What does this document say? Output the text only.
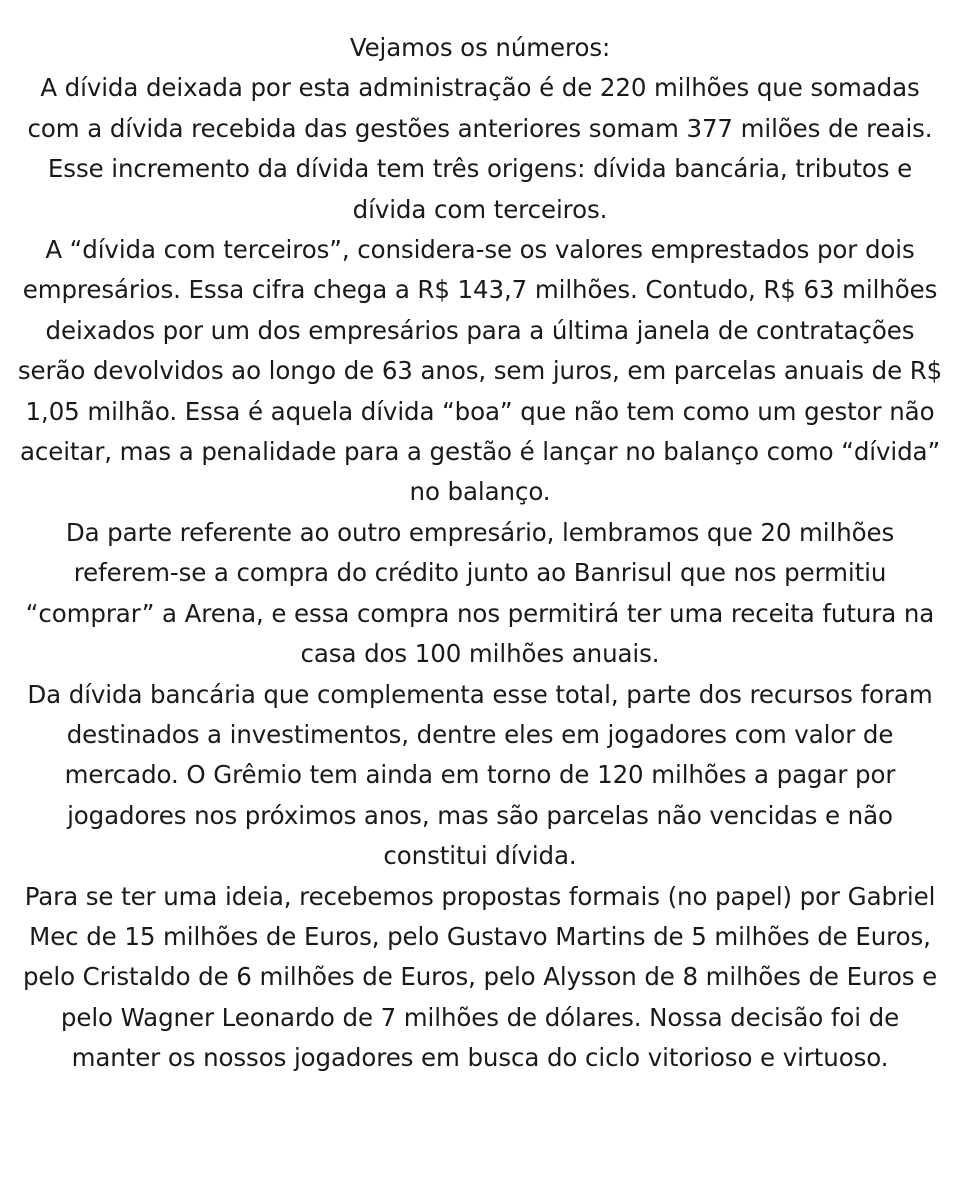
Vejamos os números:

A dívida deixada por esta administração é de 220 milhões que somadas com a dívida recebida das gestões anteriores somam 377 milões de reais. Esse incremento da dívida tem três origens: dívida bancária, tributos e dívida com terceiros.

A “dívida com terceiros”, considera-se os valores emprestados por dois empresários. Essa cifra chega a R$ 143,7 milhões. Contudo, R$ 63 milhões deixados por um dos empresários para a última janela de contratações serão devolvidos ao longo de 63 anos, sem juros, em parcelas anuais de R$ 1,05 milhão. Essa é aquela dívida “boa” que não tem como um gestor não aceitar, mas a penalidade para a gestão é lançar no balanço como “dívida” no balanço.

Da parte referente ao outro empresário, lembramos que 20 milhões referem-se a compra do crédito junto ao Banrisul que nos permitiu “comprar” a Arena, e essa compra nos permitirá ter uma receita futura na casa dos 100 milhões anuais.

Da dívida bancária que complementa esse total, parte dos recursos foram destinados a investimentos, dentre eles em jogadores com valor de mercado. O Grêmio tem ainda em torno de 120 milhões a pagar por jogadores nos próximos anos, mas são parcelas não vencidas e não constitui dívida.

Para se ter uma ideia, recebemos propostas formais (no papel) por Gabriel Mec de 15 milhões de Euros, pelo Gustavo Martins de 5 milhões de Euros, pelo Cristaldo de 6 milhões de Euros, pelo Alysson de 8 milhões de Euros e pelo Wagner Leonardo de 7 milhões de dólares. Nossa decisão foi de manter os nossos jogadores em busca do ciclo vitorioso e virtuoso.
